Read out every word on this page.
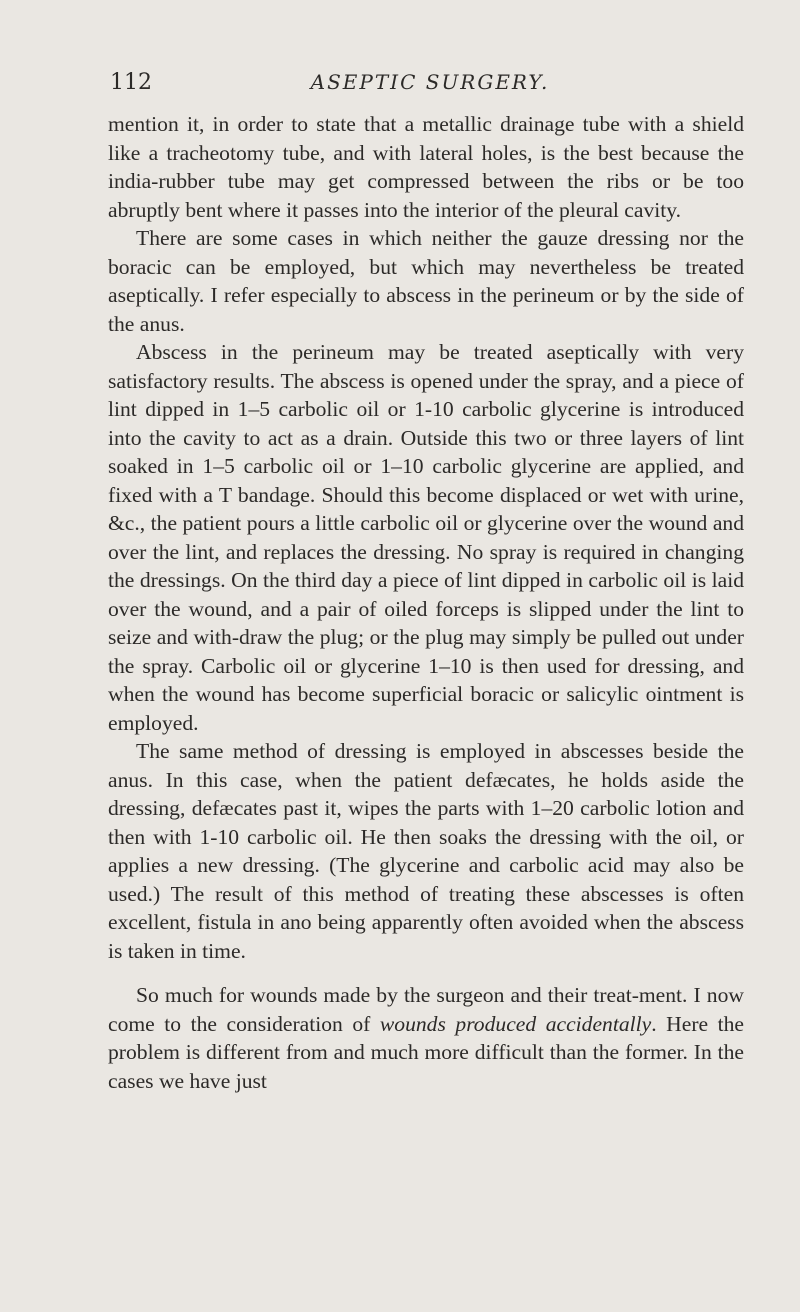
112	ASEPTIC SURGERY.

mention it, in order to state that a metallic drainage tube with a shield like a tracheotomy tube, and with lateral holes, is the best because the india-rubber tube may get compressed between the ribs or be too abruptly bent where it passes into the interior of the pleural cavity.

There are some cases in which neither the gauze dressing nor the boracic can be employed, but which may nevertheless be treated aseptically. I refer especially to abscess in the perineum or by the side of the anus.

Abscess in the perineum may be treated aseptically with very satisfactory results. The abscess is opened under the spray, and a piece of lint dipped in 1–5 carbolic oil or 1-10 carbolic glycerine is introduced into the cavity to act as a drain. Outside this two or three layers of lint soaked in 1–5 carbolic oil or 1–10 carbolic glycerine are applied, and fixed with a T bandage. Should this become displaced or wet with urine, &c., the patient pours a little carbolic oil or glycerine over the wound and over the lint, and replaces the dressing. No spray is required in changing the dressings. On the third day a piece of lint dipped in carbolic oil is laid over the wound, and a pair of oiled forceps is slipped under the lint to seize and with-draw the plug; or the plug may simply be pulled out under the spray. Carbolic oil or glycerine 1–10 is then used for dressing, and when the wound has become superficial boracic or salicylic ointment is employed.

The same method of dressing is employed in abscesses beside the anus. In this case, when the patient defæcates, he holds aside the dressing, defæcates past it, wipes the parts with 1–20 carbolic lotion and then with 1-10 carbolic oil. He then soaks the dressing with the oil, or applies a new dressing. (The glycerine and carbolic acid may also be used.) The result of this method of treating these abscesses is often excellent, fistula in ano being apparently often avoided when the abscess is taken in time.

So much for wounds made by the surgeon and their treat-ment. I now come to the consideration of wounds produced accidentally. Here the problem is different from and much more difficult than the former. In the cases we have just
